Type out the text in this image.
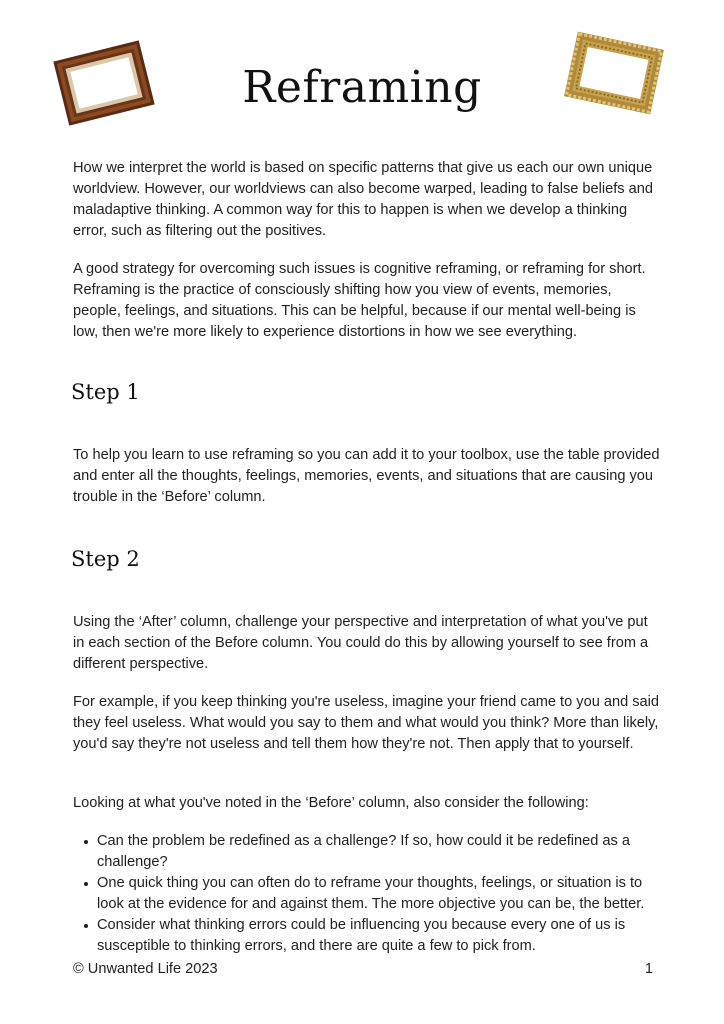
Reframing

How we interpret the world is based on specific patterns that give us each our own unique worldview. However, our worldviews can also become warped, leading to false beliefs and maladaptive thinking. A common way for this to happen is when we develop a thinking error, such as filtering out the positives.

A good strategy for overcoming such issues is cognitive reframing, or reframing for short. Reframing is the practice of consciously shifting how you view of events, memories, people, feelings, and situations. This can be helpful, because if our mental well-being is low, then we're more likely to experience distortions in how we see everything.

Step 1

To help you learn to use reframing so you can add it to your toolbox, use the table provided and enter all the thoughts, feelings, memories, events, and situations that are causing you trouble in the ‘Before’ column.

Step 2

Using the ‘After’ column, challenge your perspective and interpretation of what you've put in each section of the Before column. You could do this by allowing yourself to see from a different perspective.

For example, if you keep thinking you're useless, imagine your friend came to you and said they feel useless. What would you say to them and what would you think? More than likely, you'd say they're not useless and tell them how they're not. Then apply that to yourself.

Looking at what you've noted in the ‘Before’ column, also consider the following:

Can the problem be redefined as a challenge? If so, how could it be redefined as a challenge?
One quick thing you can often do to reframe your thoughts, feelings, or situation is to look at the evidence for and against them. The more objective you can be, the better.
Consider what thinking errors could be influencing you because every one of us is susceptible to thinking errors, and there are quite a few to pick from.

© Unwanted Life 2023	1
